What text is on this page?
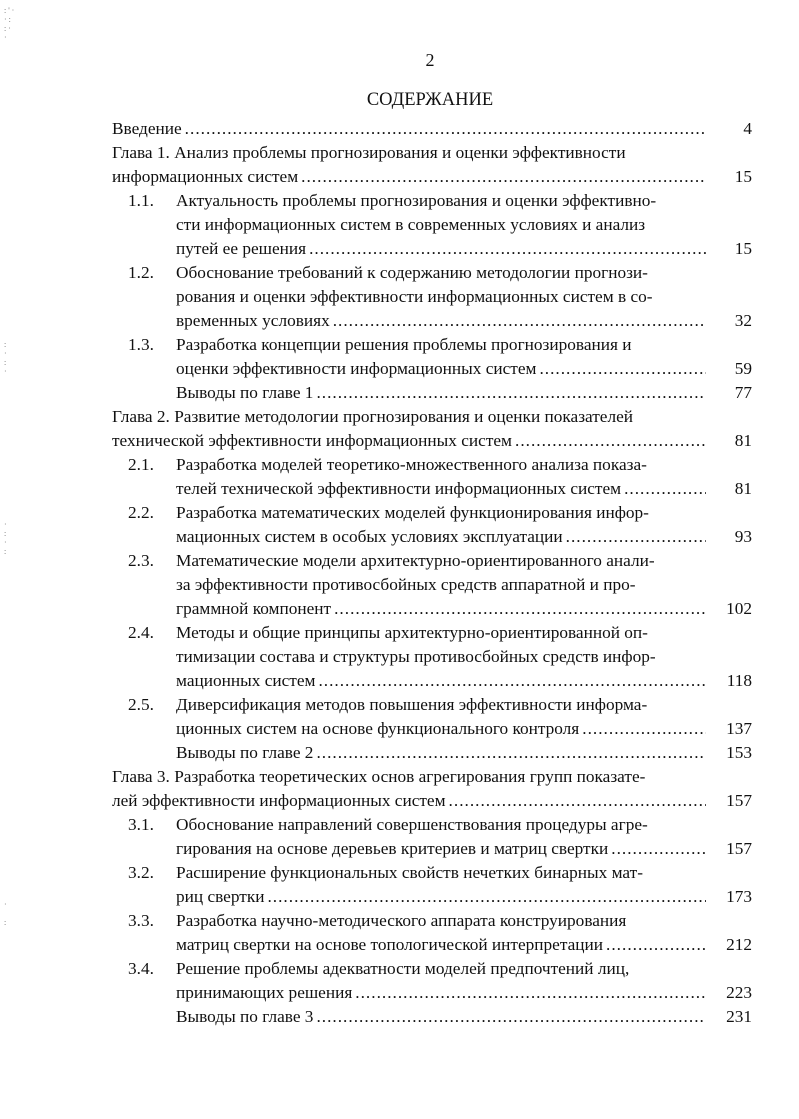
2
СОДЕРЖАНИЕ
Введение .....	4
Глава 1. Анализ проблемы прогнозирования и оценки эффективности
информационных систем .....	15
1.1.	Актуальность проблемы прогнозирования и оценки эффективно-
сти информационных систем в современных условиях и анализ
путей ее решения .....	15
1.2.	Обоснование требований к содержанию методологии прогнози-
рования и оценки эффективности информационных систем в со-
временных условиях .....	32
1.3.	Разработка концепции решения проблемы прогнозирования и
оценки эффективности информационных систем .....	59
Выводы по главе 1 .....	77
Глава 2. Развитие методологии прогнозирования и оценки показателей
технической эффективности информационных систем .....	81
2.1.	Разработка моделей теоретико-множественного анализа показа-
телей технической эффективности информационных систем .....	81
2.2.	Разработка математических моделей функционирования инфор-
мационных систем в особых условиях эксплуатации .....	93
2.3.	Математические модели архитектурно-ориентированного анали-
за эффективности противосбойных средств аппаратной и про-
граммной компонент .....	102
2.4.	Методы и общие принципы архитектурно-ориентированной оп-
тимизации состава и структуры противосбойных средств инфор-
мационных систем .....	118
2.5.	Диверсификация методов повышения эффективности информа-
ционных систем на основе функционального контроля .....	137
Выводы по главе 2 .....	153
Глава 3. Разработка теоретических основ агрегирования групп показате-
лей эффективности информационных систем .....	157
3.1.	Обоснование направлений совершенствования процедуры агре-
гирования на основе деревьев критериев и матриц свертки .....	157
3.2.	Расширение функциональных свойств нечетких бинарных мат-
риц свертки .....	173
3.3.	Разработка научно-методического аппарата конструирования
матриц свертки на основе топологической интерпретации .....	212
3.4.	Решение проблемы адекватности моделей предпочтений лиц,
принимающих решения .....	223
Выводы по главе 3 .....	231
: ' ·
· :
: ·
·
:
·
:
·
·
:
·
:
·

:
